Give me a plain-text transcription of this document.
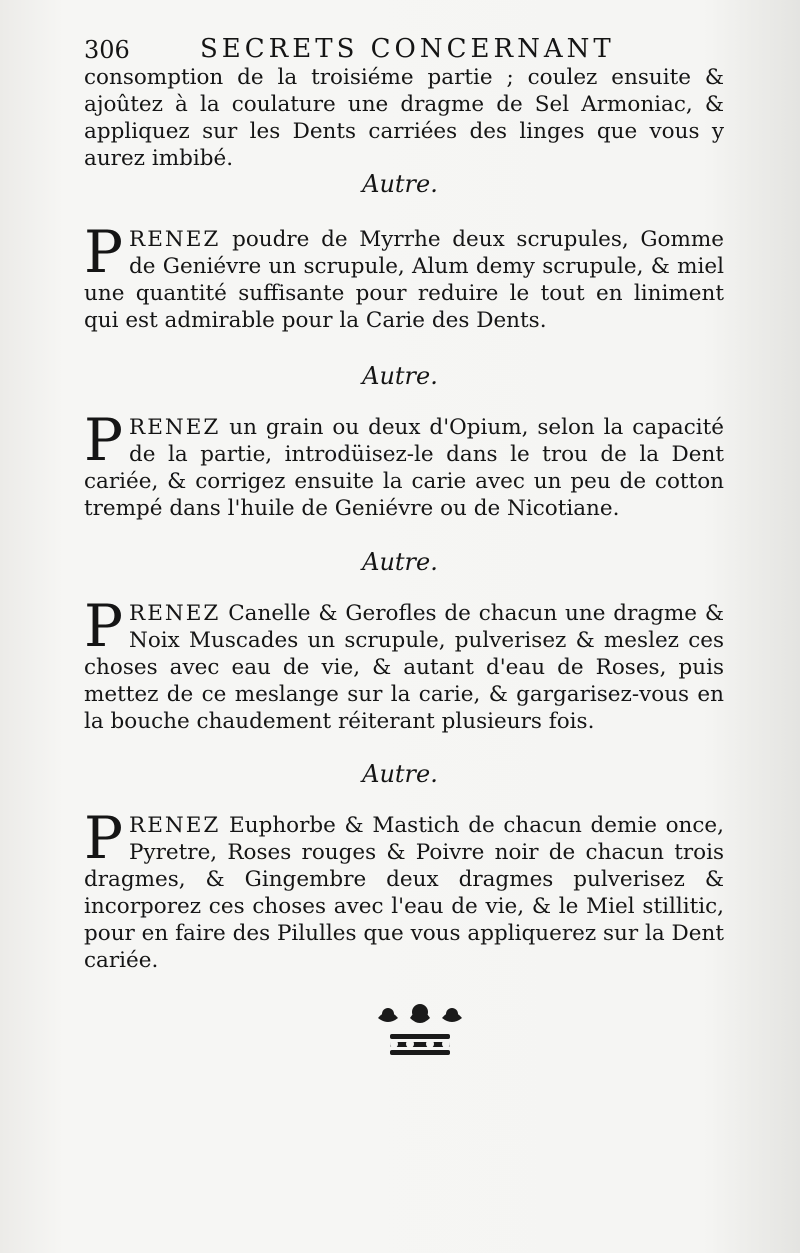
306	SECRETS CONCERNANT
consomption de la troisiéme partie ; coulez ensuite & ajoûtez à la coulature une dragme de Sel Armoniac, & appliquez sur les Dents carriées des linges que vous y aurez imbibé.
Autre.

PRENEZ poudre de Myrrhe deux scrupules, Gomme de Geniévre un scrupule, Alum demy scrupule, & miel une quantité suffisante pour reduire le tout en liniment qui est admirable pour la Carie des Dents.

Autre.

PRENEZ un grain ou deux d'Opium, selon la capacité de la partie, introdüisez-le dans le trou de la Dent cariée, & corrigez ensuite la carie avec un peu de cotton trempé dans l'huile de Geniévre ou de Nicotiane.

Autre.

PRENEZ Canelle & Gerofles de chacun une dragme & Noix Muscades un scrupule, pulverisez & meslez ces choses avec eau de vie, & autant d'eau de Roses, puis mettez de ce meslange sur la carie, & gargarisez-vous en la bouche chaudement réiterant plusieurs fois.

Autre.

PRENEZ Euphorbe & Mastich de chacun demie once, Pyretre, Roses rouges & Poivre noir de chacun trois dragmes, & Gingembre deux dragmes pulverisez & incorporez ces choses avec l'eau de vie, & le Miel stillitic, pour en faire des Pilulles que vous appliquerez sur la Dent cariée.
